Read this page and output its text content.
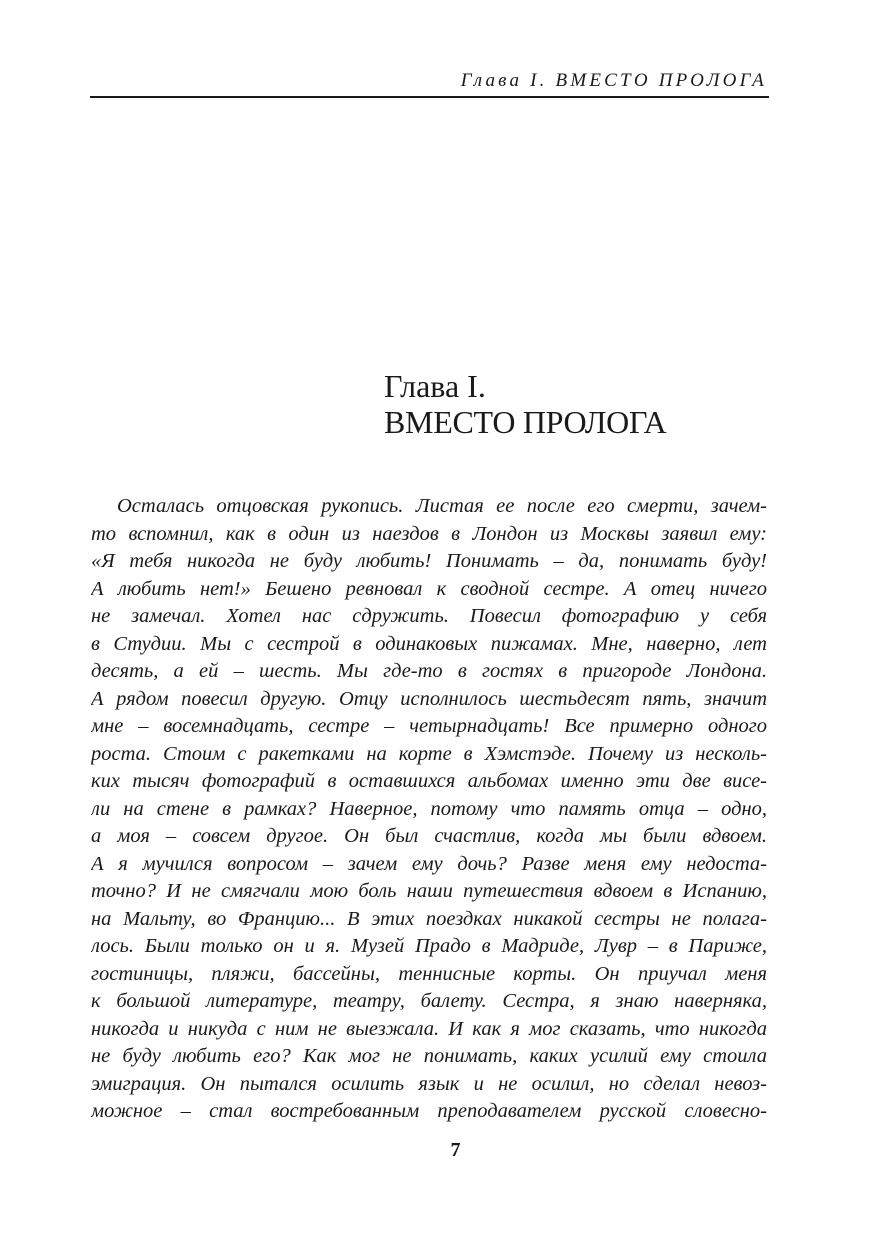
Глава I. ВМЕСТО ПРОЛОГА
Глава I.
ВМЕСТО ПРОЛОГА
Осталась отцовская рукопись. Листая ее после его смерти, зачем-
то вспомнил, как в один из наездов в Лондон из Москвы заявил ему:
«Я тебя никогда не буду любить! Понимать – да, понимать буду!
А любить нет!» Бешено ревновал к сводной сестре. А отец ничего
не замечал. Хотел нас сдружить. Повесил фотографию у себя
в Студии. Мы с сестрой в одинаковых пижамах. Мне, наверно, лет
десять, а ей – шесть. Мы где-то в гостях в пригороде Лондона.
А рядом повесил другую. Отцу исполнилось шестьдесят пять, значит
мне – восемнадцать, сестре – четырнадцать! Все примерно одного
роста. Стоим с ракетками на корте в Хэмстэде. Почему из несколь-
ких тысяч фотографий в оставшихся альбомах именно эти две висе-
ли на стене в рамках? Наверное, потому что память отца – одно,
а моя – совсем другое. Он был счастлив, когда мы были вдвоем.
А я мучился вопросом – зачем ему дочь? Разве меня ему недоста-
точно? И не смягчали мою боль наши путешествия вдвоем в Испанию,
на Мальту, во Францию... В этих поездках никакой сестры не полага-
лось. Были только он и я. Музей Прадо в Мадриде, Лувр – в Париже,
гостиницы, пляжи, бассейны, теннисные корты. Он приучал меня
к большой литературе, театру, балету. Сестра, я знаю наверняка,
никогда и никуда с ним не выезжала. И как я мог сказать, что никогда
не буду любить его? Как мог не понимать, каких усилий ему стоила
эмиграция. Он пытался осилить язык и не осилил, но сделал невоз-
можное – стал востребованным преподавателем русской словесно-
7
